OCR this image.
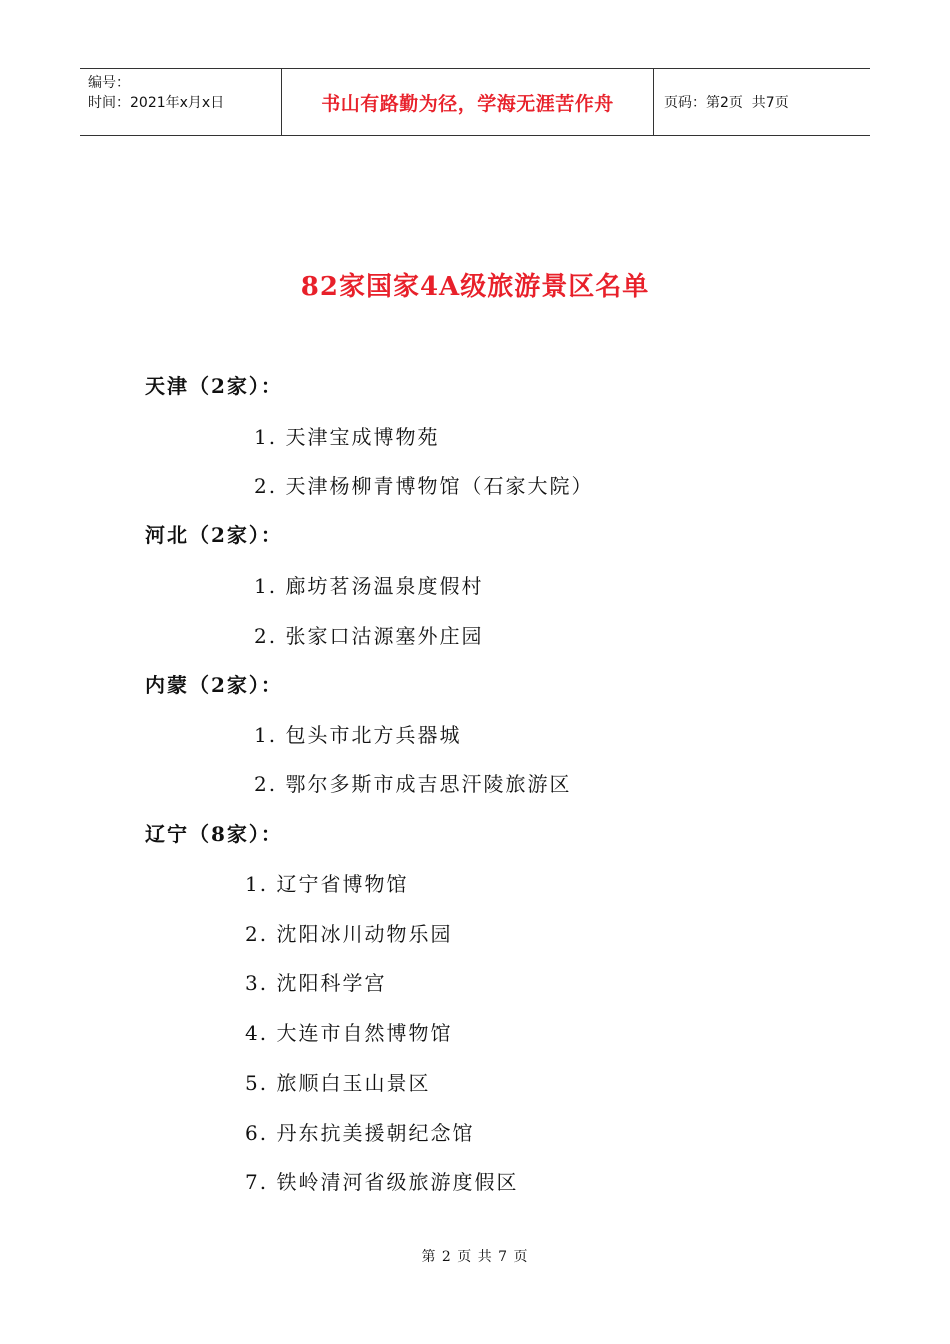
编号：
时间：2021年x月x日	书山有路勤为径，学海无涯苦作舟	页码：第2页  共7页
82家国家4A级旅游景区名单
天津（2家）：
1. 天津宝成博物苑
2. 天津杨柳青博物馆（石家大院）
河北（2家）：
1. 廊坊茗汤温泉度假村
2. 张家口沽源塞外庄园
内蒙（2家）：
1. 包头市北方兵器城
2. 鄂尔多斯市成吉思汗陵旅游区
辽宁（8家）：
1. 辽宁省博物馆
2. 沈阳冰川动物乐园
3. 沈阳科学宫
4. 大连市自然博物馆
5. 旅顺白玉山景区
6. 丹东抗美援朝纪念馆
7. 铁岭清河省级旅游度假区
第 2 页 共 7 页
